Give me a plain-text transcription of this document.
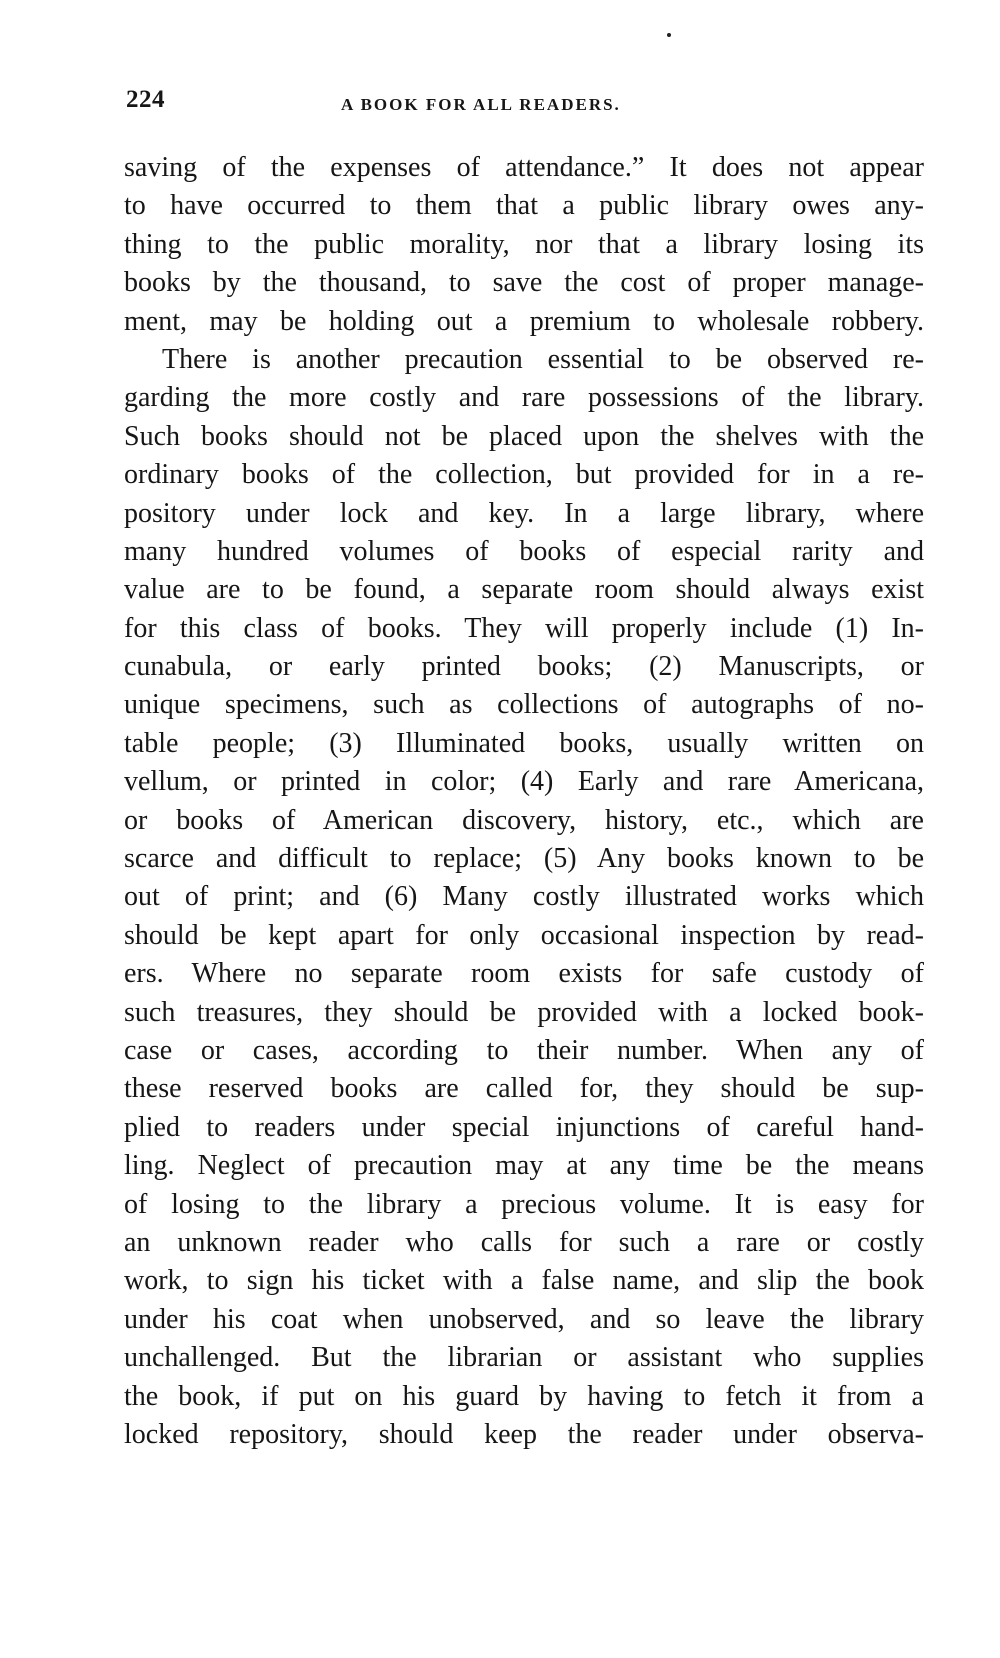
224	A BOOK FOR ALL READERS.
saving of the expenses of attendance.” It does not appear
to have occurred to them that a public library owes any-
thing to the public morality, nor that a library losing its
books by the thousand, to save the cost of proper manage-
ment, may be holding out a premium to wholesale robbery.
There is another precaution essential to be observed re-
garding the more costly and rare possessions of the library.
Such books should not be placed upon the shelves with the
ordinary books of the collection, but provided for in a re-
pository under lock and key. In a large library, where
many hundred volumes of books of especial rarity and
value are to be found, a separate room should always exist
for this class of books. They will properly include (1) In-
cunabula, or early printed books; (2) Manuscripts, or
unique specimens, such as collections of autographs of no-
table people; (3) Illuminated books, usually written on
vellum, or printed in color; (4) Early and rare Americana,
or books of American discovery, history, etc., which are
scarce and difficult to replace; (5) Any books known to be
out of print; and (6) Many costly illustrated works which
should be kept apart for only occasional inspection by read-
ers. Where no separate room exists for safe custody of
such treasures, they should be provided with a locked book-
case or cases, according to their number. When any of
these reserved books are called for, they should be sup-
plied to readers under special injunctions of careful hand-
ling. Neglect of precaution may at any time be the means
of losing to the library a precious volume. It is easy for
an unknown reader who calls for such a rare or costly
work, to sign his ticket with a false name, and slip the book
under his coat when unobserved, and so leave the library
unchallenged. But the librarian or assistant who supplies
the book, if put on his guard by having to fetch it from a
locked repository, should keep the reader under observa-
